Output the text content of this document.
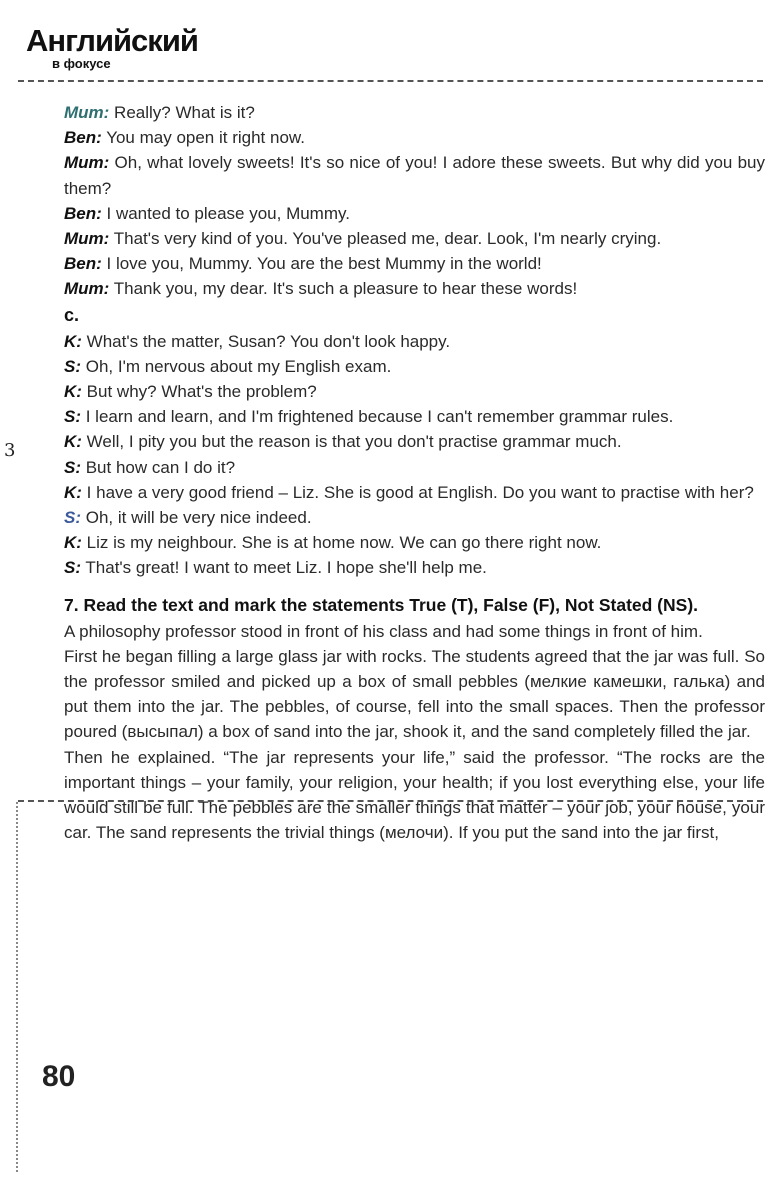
Английский
в фокусе
3

Mum: Really? What is it?

Ben: You may open it right now.

Mum: Oh, what lovely sweets! It's so nice of you! I adore these sweets. But why did you buy them?

Ben: I wanted to please you, Mummy.

Mum: That's very kind of you. You've pleased me, dear. Look, I'm nearly crying.

Ben: I love you, Mummy. You are the best Mummy in the world!

Mum: Thank you, my dear. It's such a pleasure to hear these words!

c.

K: What's the matter, Susan? You don't look happy.

S: Oh, I'm nervous about my English exam.

K: But why? What's the problem?

S: I learn and learn, and I'm frightened because I can't remember grammar rules.

K: Well, I pity you but the reason is that you don't practise grammar much.

S: But how can I do it?

K: I have a very good friend – Liz. She is good at English. Do you want to practise with her?

S: Oh, it will be very nice indeed.

K: Liz is my neighbour. She is at home now. We can go there right now.

S: That's great! I want to meet Liz. I hope she'll help me.

7. Read the text and mark the statements True (T), False (F), Not Stated (NS).

A philosophy professor stood in front of his class and had some things in front of him.

First he began filling a large glass jar with rocks. The students agreed that the jar was full. So the professor smiled and picked up a box of small pebbles (мелкие камешки, галька) and put them into the jar. The pebbles, of course, fell into the small spaces. Then the professor poured (высыпал) a box of sand into the jar, shook it, and the sand completely filled the jar.

Then he explained. “The jar represents your life,” said the professor. “The rocks are the important things – your family, your religion, your health; if you lost everything else, your life would still be full. The pebbles are the smaller things that matter – your job, your house, your car. The sand represents the trivial things (мелочи). If you put the sand into the jar first,

80
